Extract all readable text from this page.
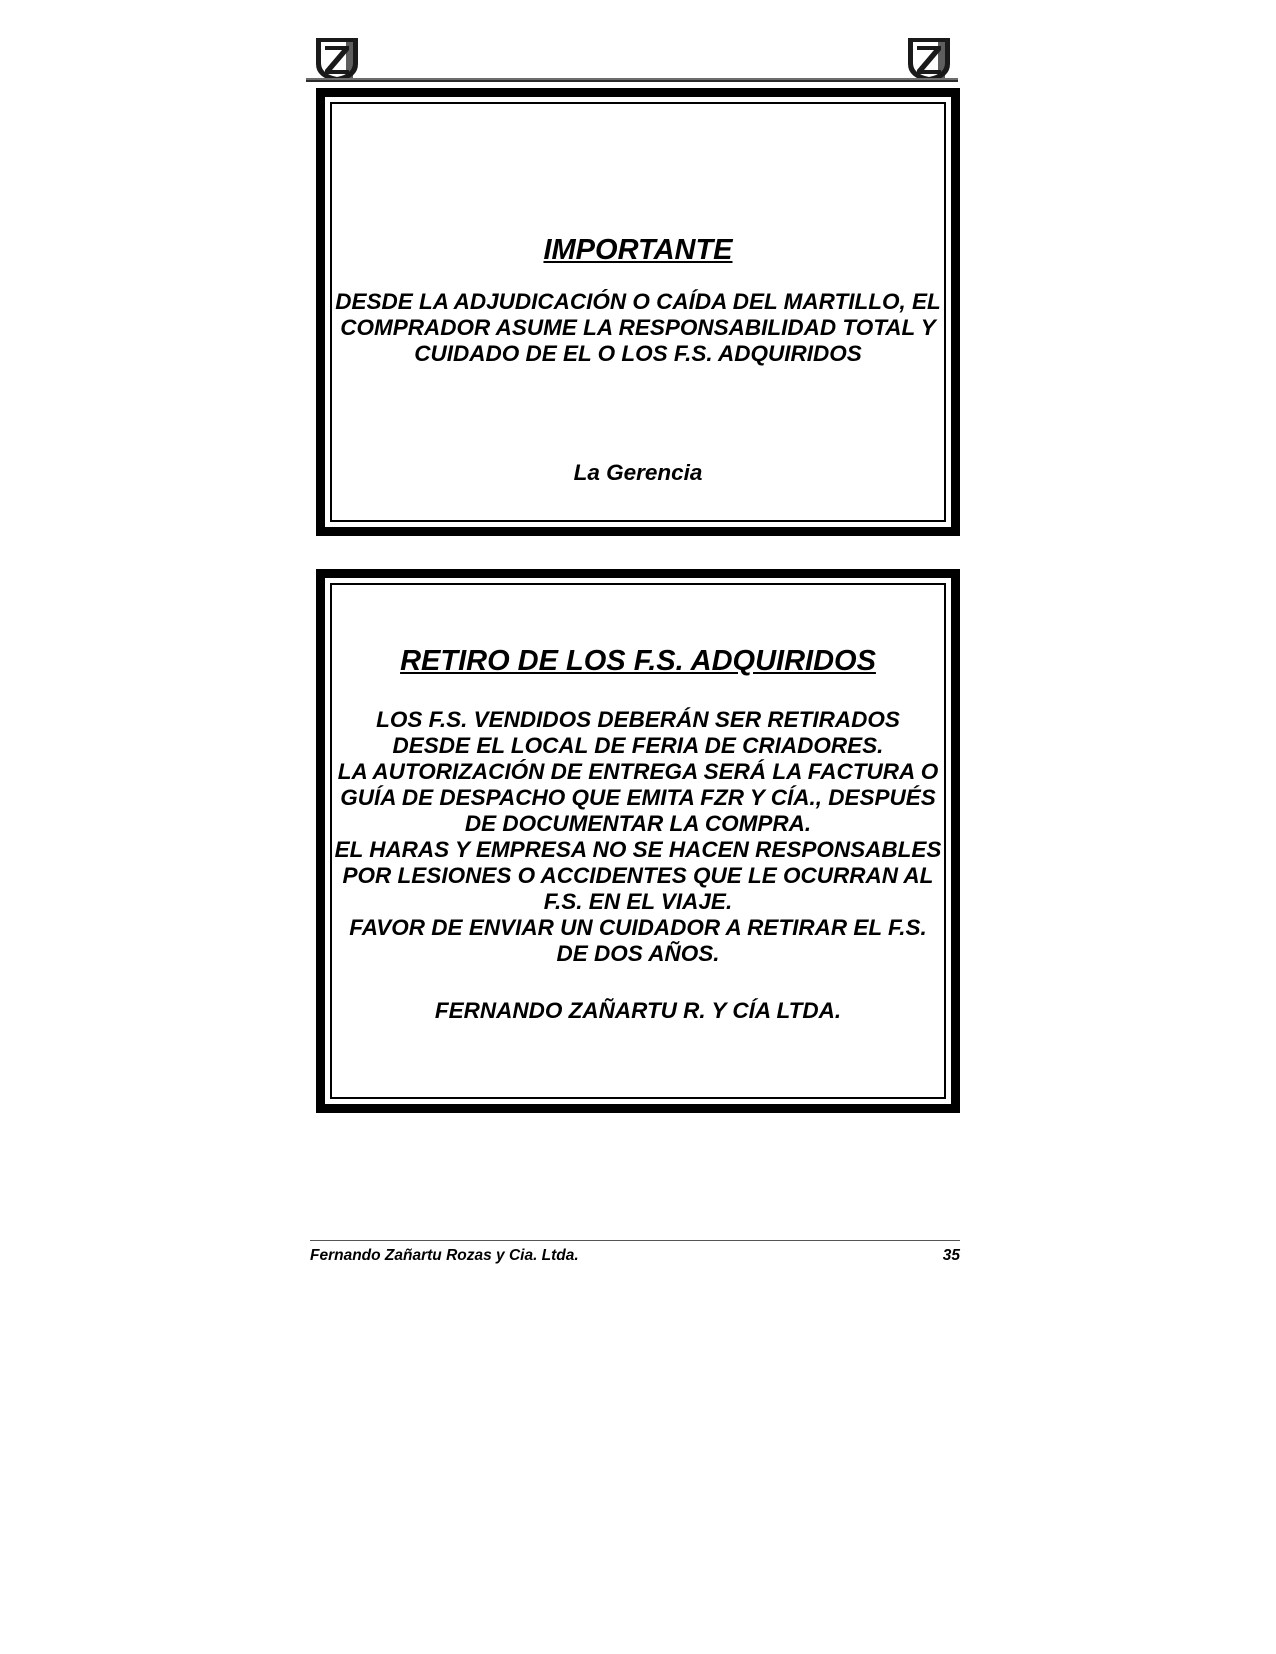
IMPORTANTE

DESDE LA ADJUDICACIÓN O CAÍDA DEL MARTILLO, EL
COMPRADOR ASUME LA RESPONSABILIDAD TOTAL Y
CUIDADO DE EL O LOS F.S. ADQUIRIDOS

La Gerencia

RETIRO DE LOS F.S. ADQUIRIDOS

LOS F.S. VENDIDOS DEBERÁN SER RETIRADOS
DESDE EL LOCAL DE FERIA DE CRIADORES.
LA AUTORIZACIÓN DE ENTREGA SERÁ LA FACTURA O
GUÍA DE DESPACHO QUE EMITA FZR Y CÍA., DESPUÉS
DE DOCUMENTAR LA COMPRA.
EL HARAS Y EMPRESA NO SE HACEN RESPONSABLES
POR LESIONES O ACCIDENTES QUE LE OCURRAN AL
F.S. EN EL VIAJE.
FAVOR DE ENVIAR UN CUIDADOR A RETIRAR EL F.S.
DE DOS AÑOS.

FERNANDO ZAÑARTU R. Y CÍA LTDA.

Fernando Zañartu Rozas y Cia. Ltda.	35
